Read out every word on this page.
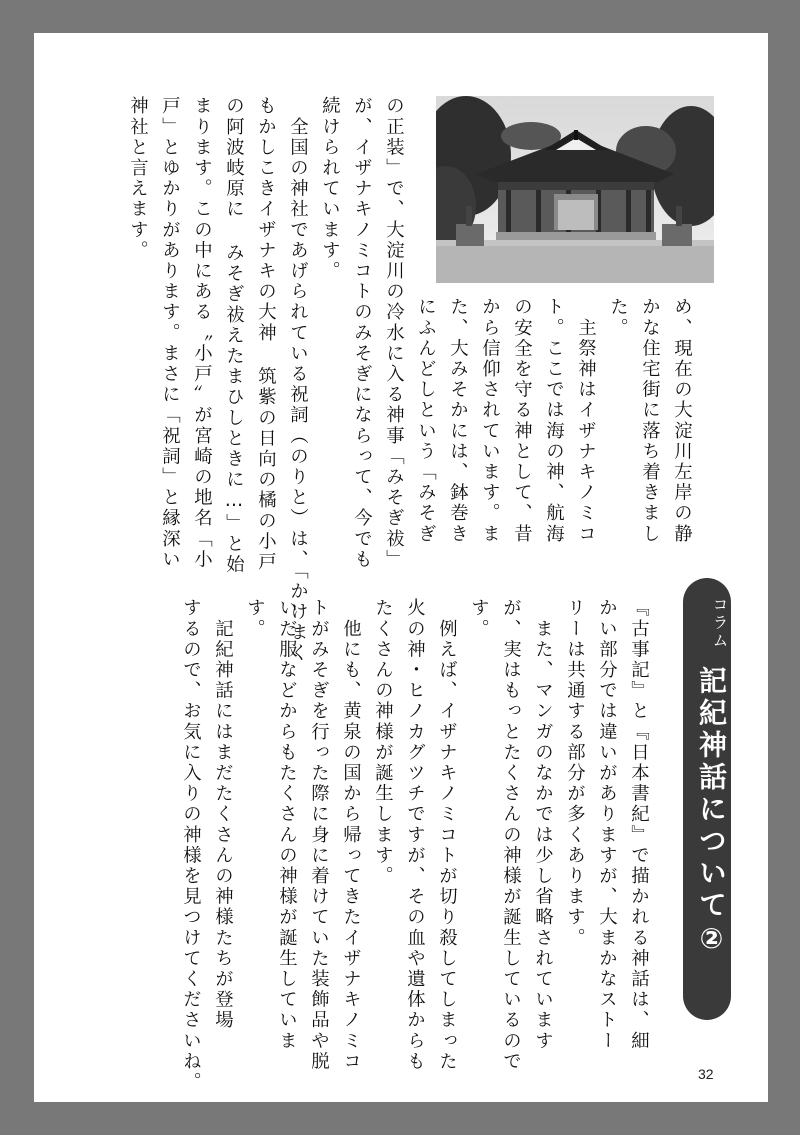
め、現在の大淀川左岸の静
かな住宅街に落ち着きまし
た。
　主祭神はイザナキノミコ
ト。ここでは海の神、航海
の安全を守る神として、昔
から信仰されています。ま
た、大みそかには、鉢巻き
にふんどしという「みそぎ
の正装」で、大淀川の冷水に入る神事「みそぎ祓」
が、イザナキノミコトのみそぎにならって、今でも
続けられています。
　全国の神社であげられている祝詞（のりと）は、「かけまく
もかしこきイザナキの大神 筑紫の日向の橘の小戸
の阿波岐原に みそぎ祓えたまひしときに…」と始
まります。この中にある〝小戸〟が宮崎の地名「小
戸」とゆかりがあります。まさに「祝詞」と縁深い
神社と言えます。
コラム
記紀神話について②
『古事記』と『日本書紀』で描かれる神話は、細
かい部分では違いがありますが、大まかなストー
リーは共通する部分が多くあります。
　また、マンガのなかでは少し省略されています
が、実はもっとたくさんの神様が誕生しているので
す。
　例えば、イザナキノミコトが切り殺してしまった
火の神・ヒノカグツチですが、その血や遺体からも
たくさんの神様が誕生します。
　他にも、黄泉の国から帰ってきたイザナキノミコ
トがみそぎを行った際に身に着けていた装飾品や脱
いだ服などからもたくさんの神様が誕生していま
す。
　記紀神話にはまだたくさんの神様たちが登場
するので、お気に入りの神様を見つけてくださいね。	32
